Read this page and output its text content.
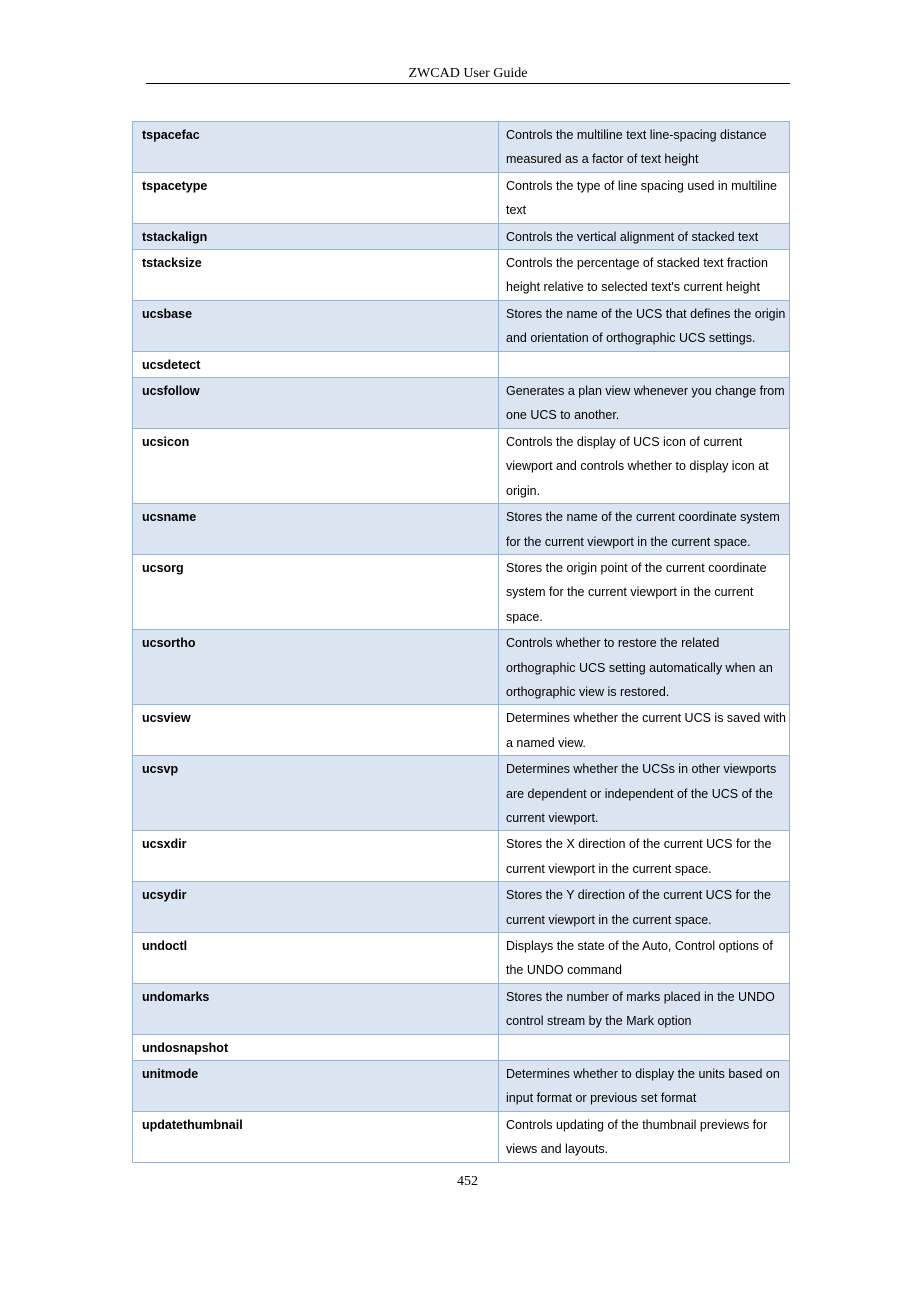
ZWCAD User Guide
tspacefac	Controls the multiline text line-spacing distance measured as a factor of text height
tspacetype	Controls the type of line spacing used in multiline text
tstackalign	Controls the vertical alignment of stacked text
tstacksize	Controls the percentage of stacked text fraction height relative to selected text's current height
ucsbase	Stores the name of the UCS that defines the origin and orientation of orthographic UCS settings.
ucsdetect	
ucsfollow	Generates a plan view whenever you change from one UCS to another.
ucsicon	Controls the display of UCS icon of current viewport and controls whether to display icon at origin.
ucsname	Stores the name of the current coordinate system for the current viewport in the current space.
ucsorg	Stores the origin point of the current coordinate system for the current viewport in the current space.
ucsortho	Controls whether to restore the related orthographic UCS setting automatically when an orthographic view is restored.
ucsview	Determines whether the current UCS is saved with a named view.
ucsvp	Determines whether the UCSs in other viewports are dependent or independent of the UCS of the current viewport.
ucsxdir	Stores the X direction of the current UCS for the current viewport in the current space.
ucsydir	Stores the Y direction of the current UCS for the current viewport in the current space.
undoctl	Displays the state of the Auto, Control options of the UNDO command
undomarks	Stores the number of marks placed in the UNDO control stream by the Mark option
undosnapshot	
unitmode	Determines whether to display the units based on input format or previous set format
updatethumbnail	Controls updating of the thumbnail previews for views and layouts.
452
